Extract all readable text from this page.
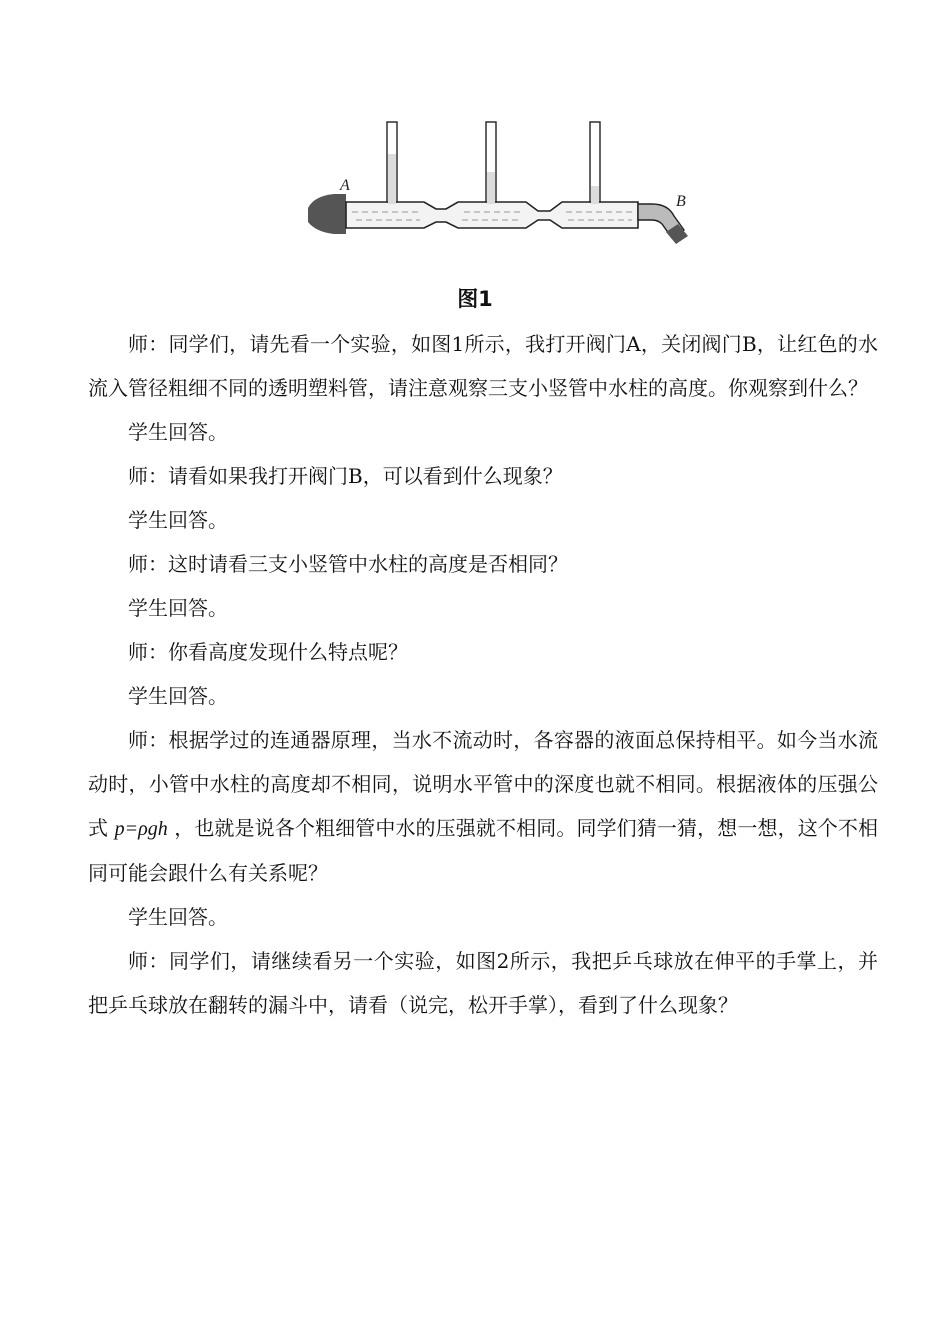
A
B
图1

师：同学们，请先看一个实验，如图1所示，我打开阀门A，关闭阀门B，让红色的水流入管径粗细不同的透明塑料管，请注意观察三支小竖管中水柱的高度。你观察到什么？

学生回答。

师：请看如果我打开阀门B，可以看到什么现象？

学生回答。

师：这时请看三支小竖管中水柱的高度是否相同？

学生回答。

师：你看高度发现什么特点呢？

学生回答。

师：根据学过的连通器原理，当水不流动时，各容器的液面总保持相平。如今当水流动时，小管中水柱的高度却不相同，说明水平管中的深度也就不相同。根据液体的压强公式 p=ρgh ，也就是说各个粗细管中水的压强就不相同。同学们猜一猜，想一想，这个不相同可能会跟什么有关系呢？

学生回答。

师：同学们，请继续看另一个实验，如图2所示，我把乒乓球放在伸平的手掌上，并把乒乓球放在翻转的漏斗中，请看（说完，松开手掌），看到了什么现象？
